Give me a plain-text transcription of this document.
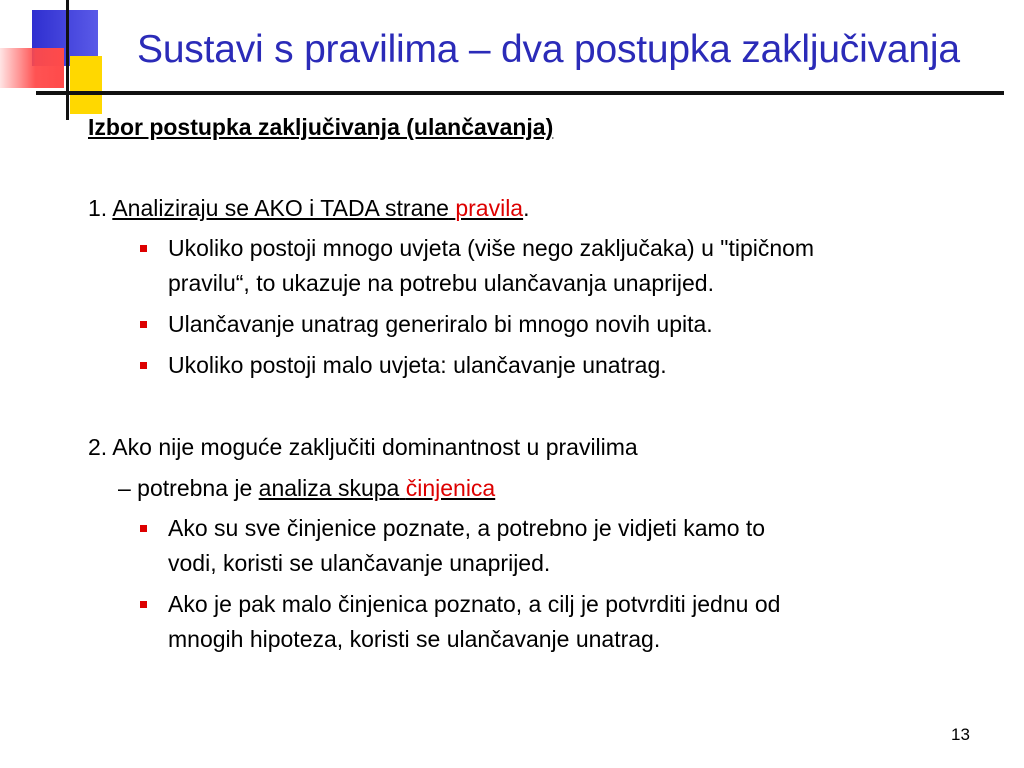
Sustavi s pravilima – dva postupka zaključivanja
Izbor postupka zaključivanja (ulančavanja)
1. Analiziraju se AKO i TADA strane pravila.
Ukoliko postoji mnogo uvjeta (više nego zaključaka) u "tipičnom
pravilu“, to ukazuje na potrebu ulančavanja unaprijed.
Ulančavanje unatrag generiralo bi mnogo novih upita.
Ukoliko postoji malo uvjeta: ulančavanje unatrag.
2. Ako nije moguće zaključiti dominantnost u pravilima
– potrebna je analiza skupa činjenica
Ako su sve činjenice poznate, a potrebno je vidjeti kamo to
vodi, koristi se ulančavanje unaprijed.
Ako je pak malo činjenica poznato, a cilj je potvrditi jednu od
mnogih hipoteza, koristi se ulančavanje unatrag.
13
